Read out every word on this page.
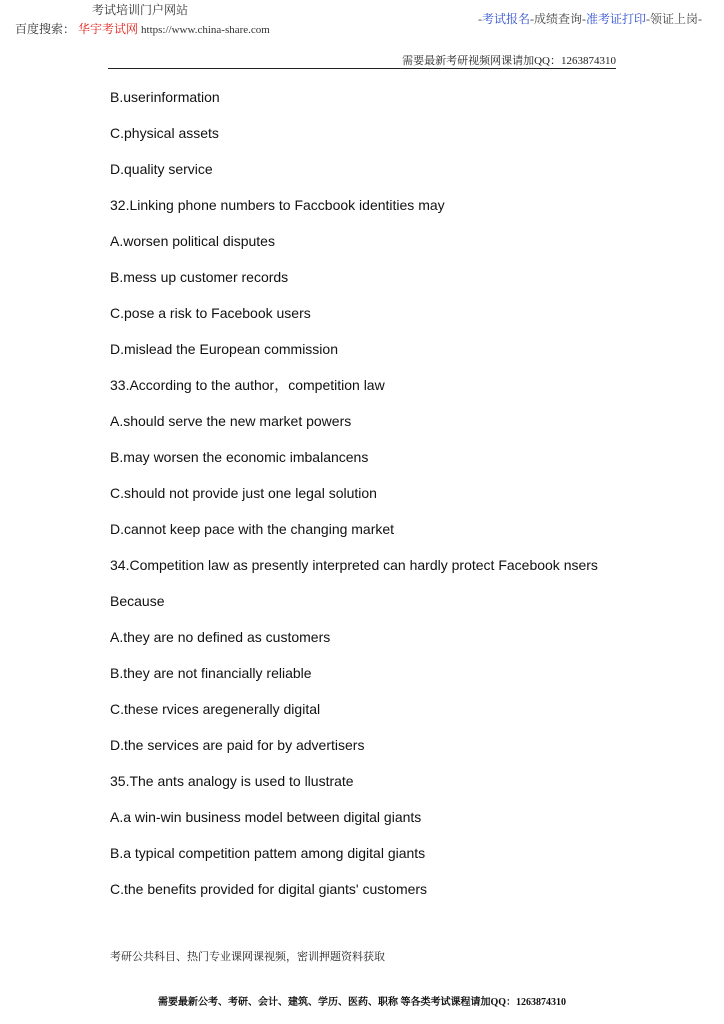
考试培训门户网站
百度搜索： 华宇考试网 https://www.china-share.com
-考试报名-成绩查询-准考证打印-领证上岗-
需要最新考研视频网课请加QQ：1263874310

B.userinformation

C.physical assets

D.quality service

32.Linking phone numbers to Faccbook identities may

A.worsen political disputes

B.mess up customer records

C.pose a risk to Facebook users

D.mislead the European commission

33.According to the author，competition law

A.should serve the new market powers

B.may worsen the economic imbalancens

C.should not provide just one legal solution

D.cannot keep pace with the changing market

34.Competition law as presently interpreted can hardly protect Facebook nsers

Because

A.they are no defined as customers

B.they are not financially reliable

C.these rvices aregenerally digital

D.the services are paid for by advertisers

35.The ants analogy is used to llustrate

A.a win-win business model between digital giants

B.a typical competition pattem among digital giants

C.the benefits provided for digital giants' customers

考研公共科目、热门专业课网课视频，密训押题资料获取
需要最新公考、考研、会计、建筑、学历、医药、职称 等各类考试课程请加QQ：1263874310
